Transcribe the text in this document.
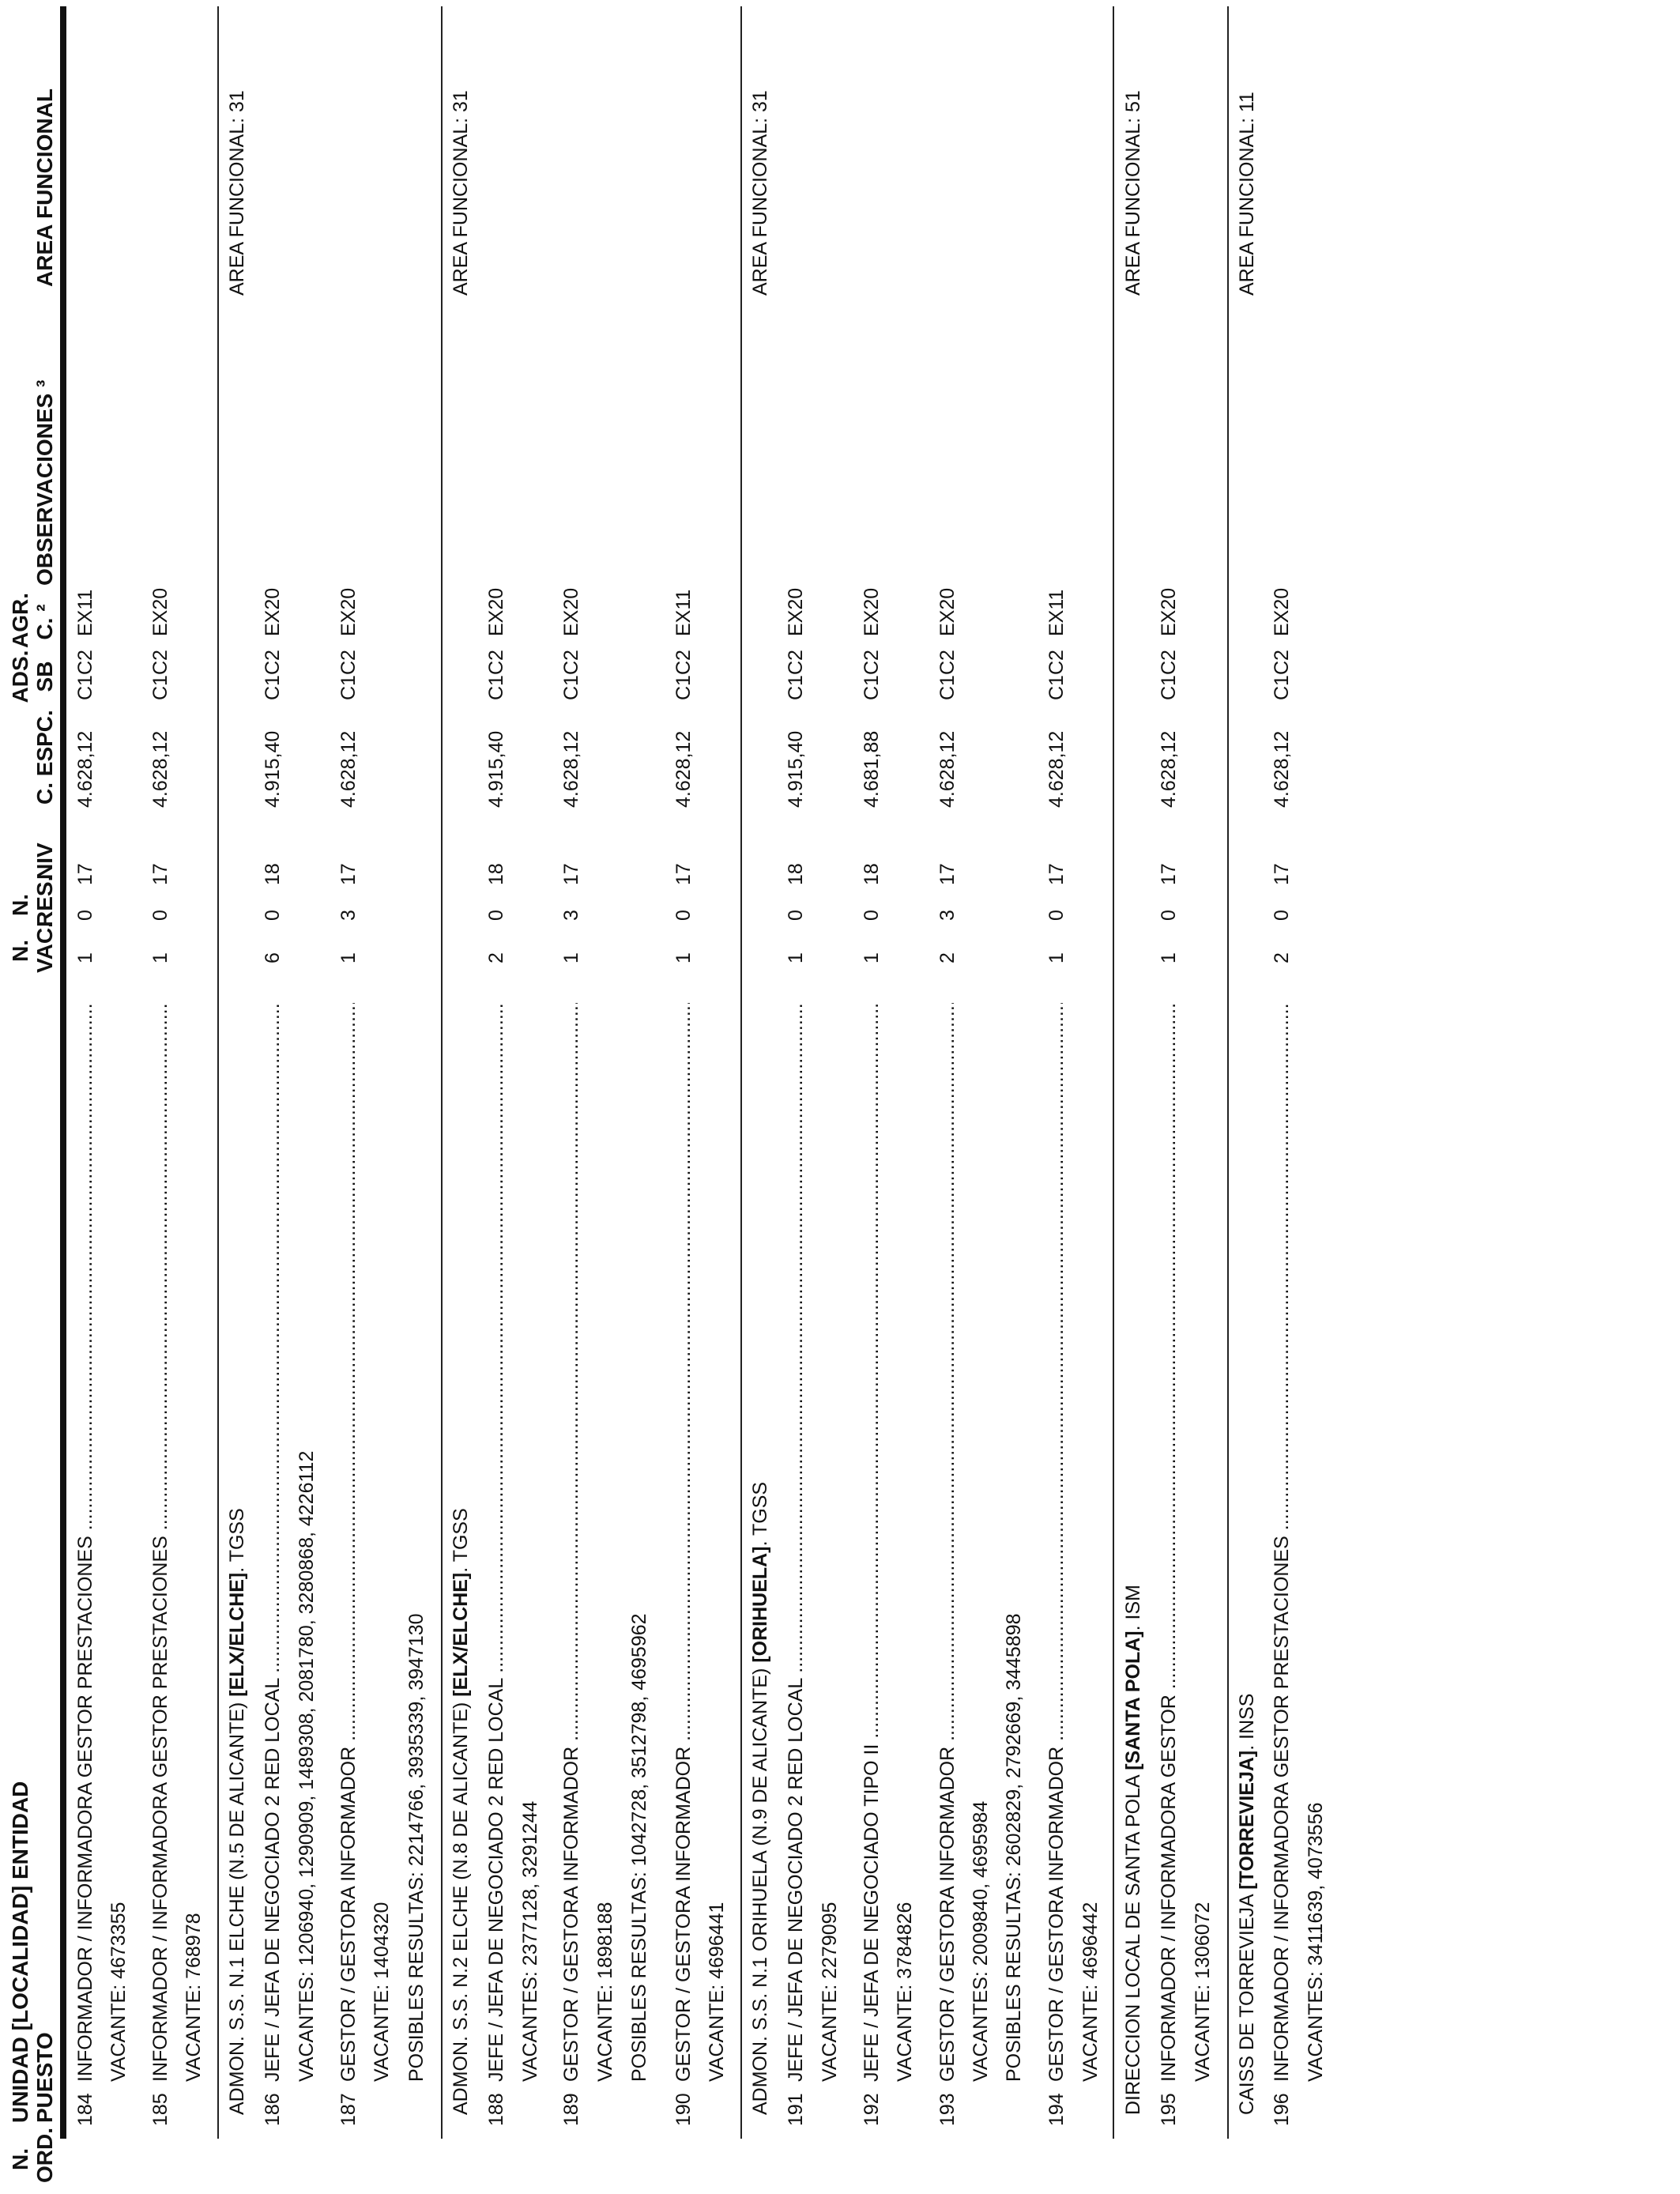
N. ORD.
UNIDAD [LOCALIDAD] ENTIDAD PUESTO
N. VAC.
N. RES.
NIV
C. ESPC.
ADS. SB
AGR. C. ²
OBSERVACIONES ³
AREA FUNCIONAL
184
INFORMADOR / INFORMADORA GESTOR PRESTACIONES .....
1
0
17
4.628,12
C1C2
EX11
VACANTE: 4673355
185
INFORMADOR / INFORMADORA GESTOR PRESTACIONES .....
1
0
17
4.628,12
C1C2
EX20
VACANTE: 768978 ADMON. S.S. N.1 ELCHE (N.5 DE ALICANTE) [ELX/ELCHE]. TGSS
AREA FUNCIONAL: 31
186
JEFE / JEFA DE NEGOCIADO 2 RED LOCAL .....
6
0
18
4.915,40
C1C2
EX20
VACANTES: 1206940, 1290909, 1489308, 2081780, 3280868, 4226112
187
GESTOR / GESTORA INFORMADOR .....
1
3
17
4.628,12
C1C2
EX20
VACANTE: 1404320 POSIBLES RESULTAS: 2214766, 3935339, 3947130 ADMON. S.S. N.2 ELCHE (N.8 DE ALICANTE) [ELX/ELCHE]. TGSS
AREA FUNCIONAL: 31
188
JEFE / JEFA DE NEGOCIADO 2 RED LOCAL .....
2
0
18
4.915,40
C1C2
EX20
VACANTES: 2377128, 3291244
189
GESTOR / GESTORA INFORMADOR .....
1
3
17
4.628,12
C1C2
EX20
VACANTE: 1898188 POSIBLES RESULTAS: 1042728, 3512798, 4695962
190
GESTOR / GESTORA INFORMADOR .....
1
0
17
4.628,12
C1C2
EX11
VACANTE: 4696441 ADMON. S.S. N.1 ORIHUELA (N.9 DE ALICANTE) [ORIHUELA]. TGSS
AREA FUNCIONAL: 31
191
JEFE / JEFA DE NEGOCIADO 2 RED LOCAL .....
1
0
18
4.915,40
C1C2
EX20
VACANTE: 2279095
192
JEFE / JEFA DE NEGOCIADO TIPO II .....
1
0
18
4.681,88
C1C2
EX20
VACANTE: 3784826
193
GESTOR / GESTORA INFORMADOR .....
2
3
17
4.628,12
C1C2
EX20
VACANTES: 2009840, 4695984 POSIBLES RESULTAS: 2602829, 2792669, 3445898
194
GESTOR / GESTORA INFORMADOR .....
1
0
17
4.628,12
C1C2
EX11
VACANTE: 4696442 DIRECCION LOCAL DE SANTA POLA [SANTA POLA]. ISM
AREA FUNCIONAL: 51
195
INFORMADOR / INFORMADORA GESTOR .....
1
0
17
4.628,12
C1C2
EX20
VACANTE: 1306072 CAISS DE TORREVIEJA [TORREVIEJA]. INSS
AREA FUNCIONAL: 11
196
INFORMADOR / INFORMADORA GESTOR PRESTACIONES .....
2
0
17
4.628,12
C1C2
EX20
VACANTES: 3411639, 4073556
